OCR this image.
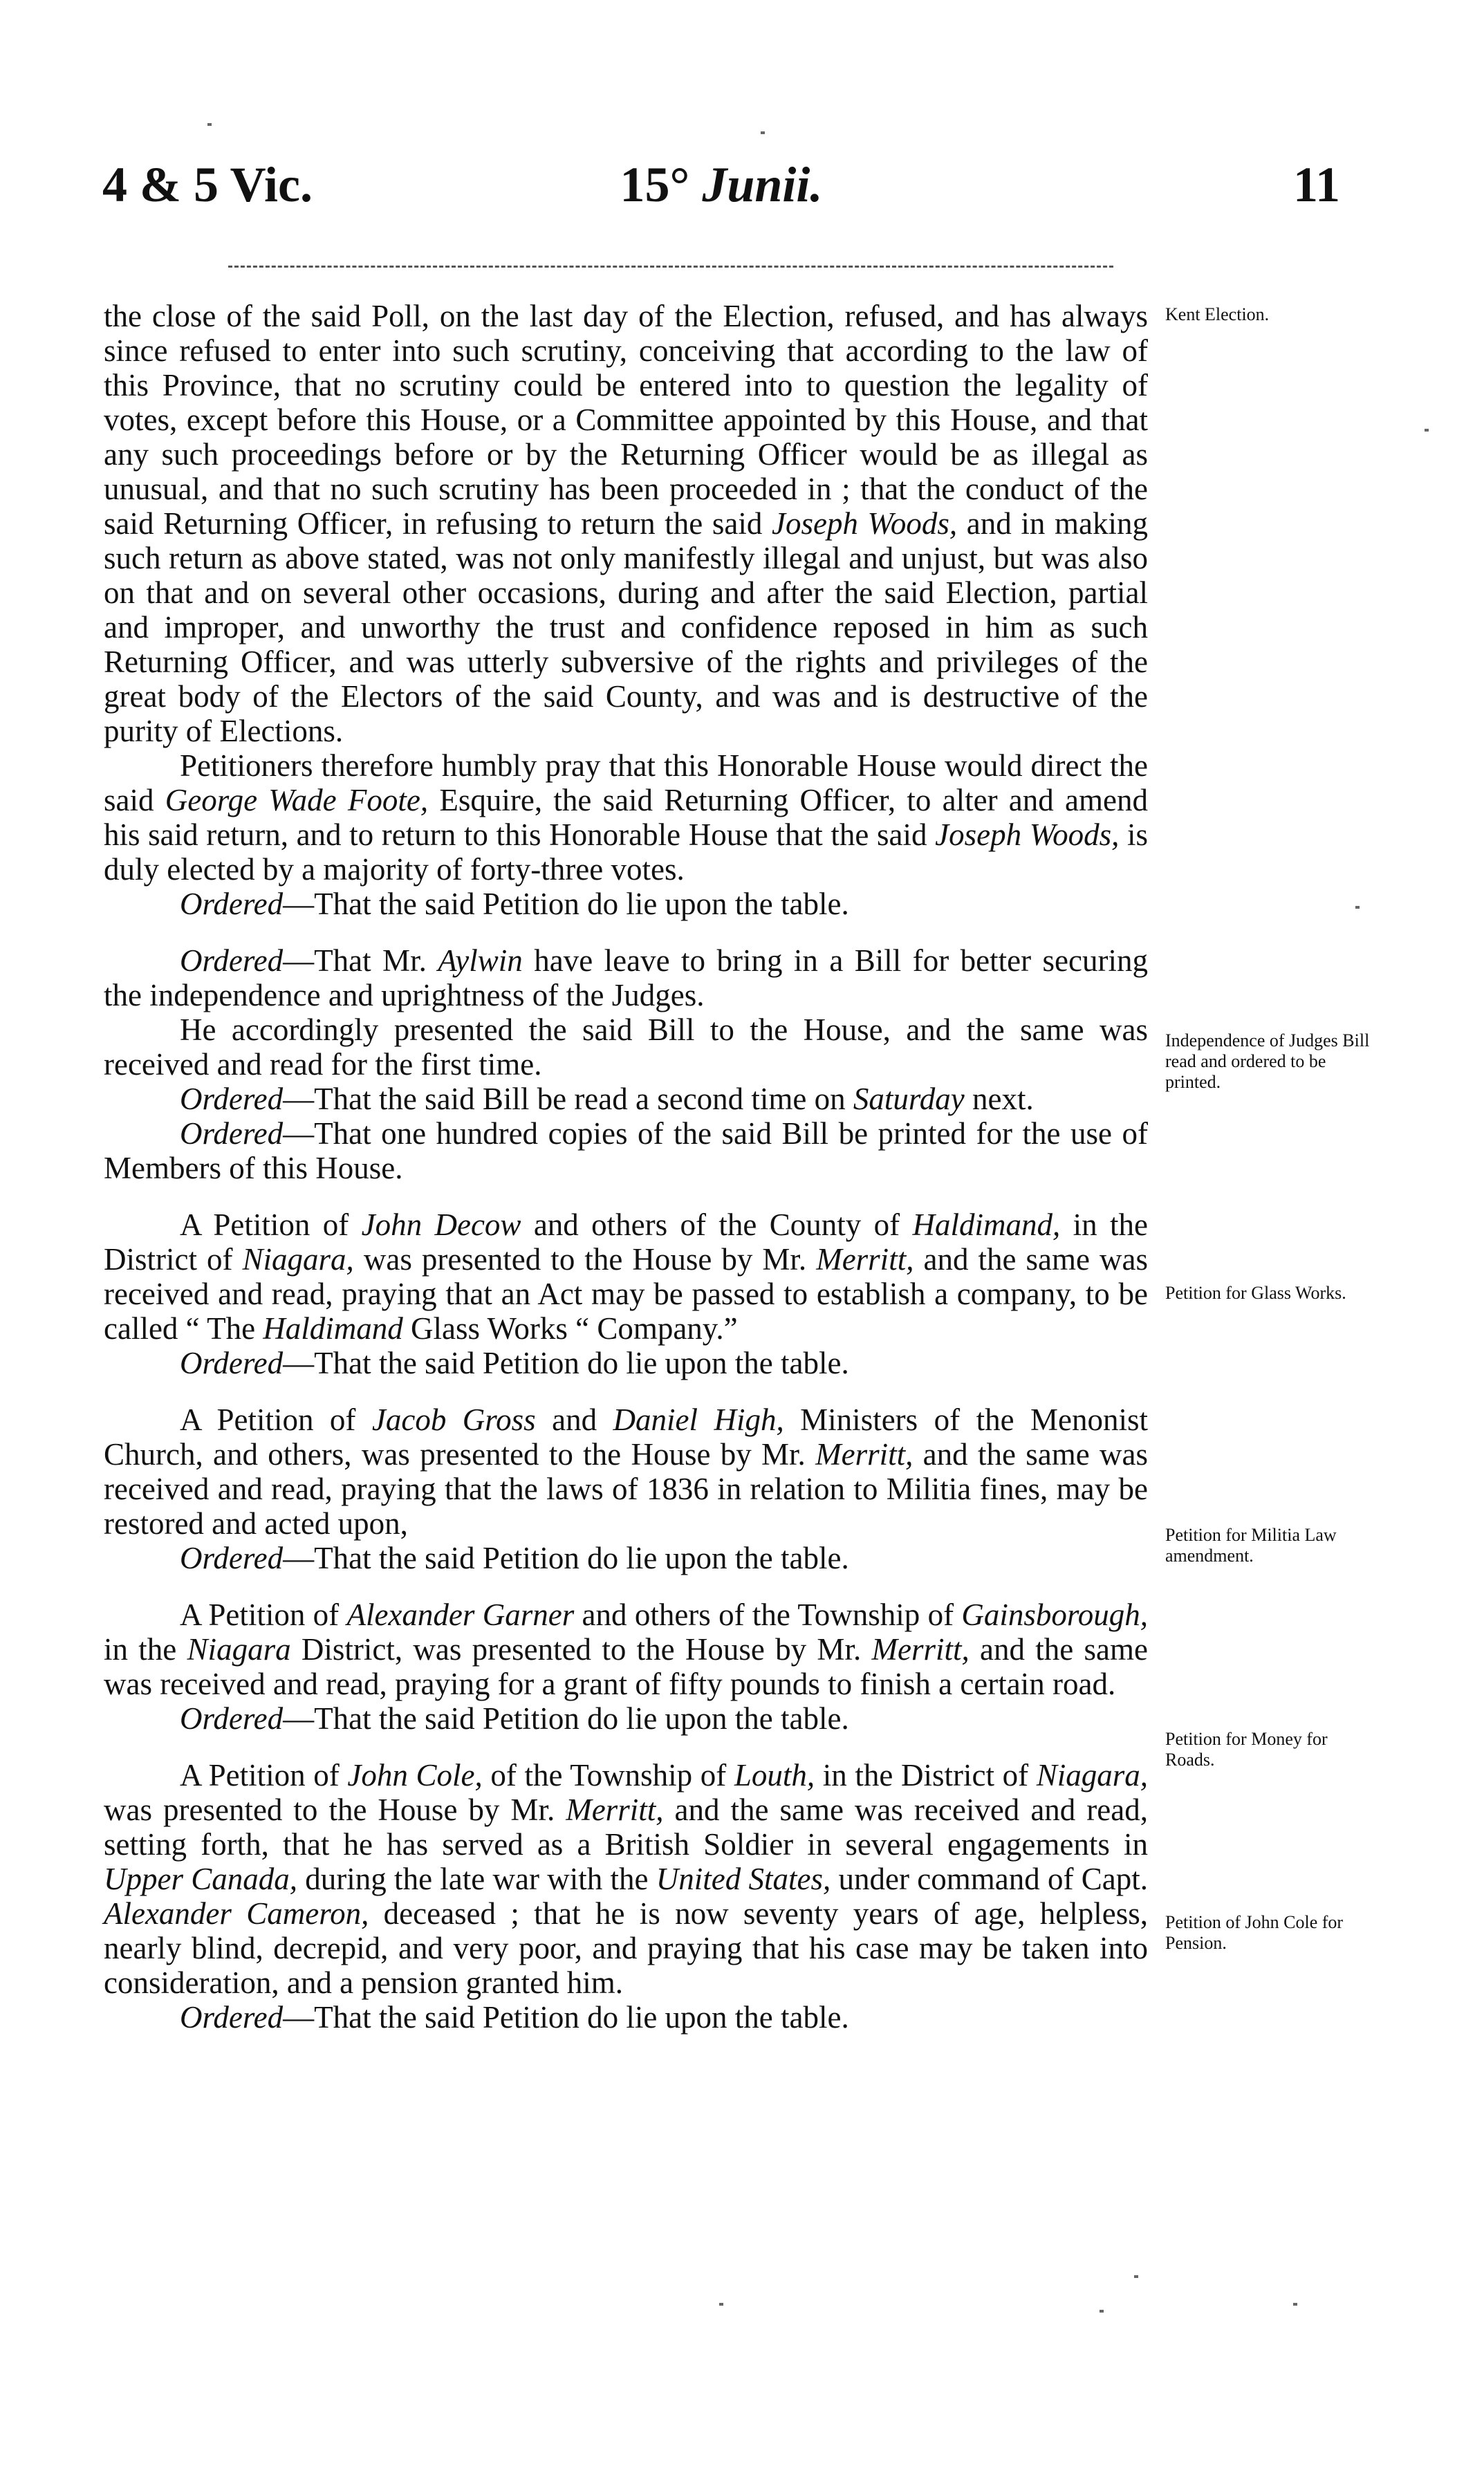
4 & 5 Vic.	15° Junii.	11
Kent Election.
Independence of Judges Bill read and ordered to be printed.
Petition for Glass Works.
Petition for Militia Law amendment.
Petition for Money for Roads.
Petition of John Cole for Pension.

the close of the said Poll, on the last day of the Election, refused, and has always since refused to enter into such scrutiny, conceiving that according to the law of this Province, that no scrutiny could be entered into to question the legality of votes, except before this House, or a Committee appointed by this House, and that any such proceedings before or by the Returning Officer would be as illegal as unusual, and that no such scrutiny has been proceeded in ; that the conduct of the said Returning Officer, in refusing to return the said Joseph Woods, and in making such return as above stated, was not only manifestly illegal and unjust, but was also on that and on several other occasions, during and after the said Election, partial and improper, and unworthy the trust and confidence reposed in him as such Returning Officer, and was utterly subversive of the rights and privileges of the great body of the Electors of the said County, and was and is destructive of the purity of Elections.

Petitioners therefore humbly pray that this Honorable House would direct the said George Wade Foote, Esquire, the said Returning Officer, to alter and amend his said return, and to return to this Honorable House that the said Joseph Woods, is duly elected by a majority of forty-three votes.

Ordered—That the said Petition do lie upon the table.

Ordered—That Mr. Aylwin have leave to bring in a Bill for better securing the independence and uprightness of the Judges.

He accordingly presented the said Bill to the House, and the same was received and read for the first time.

Ordered—That the said Bill be read a second time on Saturday next.

Ordered—That one hundred copies of the said Bill be printed for the use of Members of this House.

A Petition of John Decow and others of the County of Haldimand, in the District of Niagara, was presented to the House by Mr. Merritt, and the same was received and read, praying that an Act may be passed to establish a company, to be called “ The Haldimand Glass Works “ Company.”

Ordered—That the said Petition do lie upon the table.

A Petition of Jacob Gross and Daniel High, Ministers of the Menonist Church, and others, was presented to the House by Mr. Merritt, and the same was received and read, praying that the laws of 1836 in relation to Militia fines, may be restored and acted upon,

Ordered—That the said Petition do lie upon the table.

A Petition of Alexander Garner and others of the Township of Gainsborough, in the Niagara District, was presented to the House by Mr. Merritt, and the same was received and read, praying for a grant of fifty pounds to finish a certain road.

Ordered—That the said Petition do lie upon the table.

A Petition of John Cole, of the Township of Louth, in the District of Niagara, was presented to the House by Mr. Merritt, and the same was received and read, setting forth, that he has served as a British Soldier in several engagements in Upper Canada, during the late war with the United States, under command of Capt. Alexander Cameron, deceased ; that he is now seventy years of age, helpless, nearly blind, decrepid, and very poor, and praying that his case may be taken into consideration, and a pension granted him.

Ordered—That the said Petition do lie upon the table.
